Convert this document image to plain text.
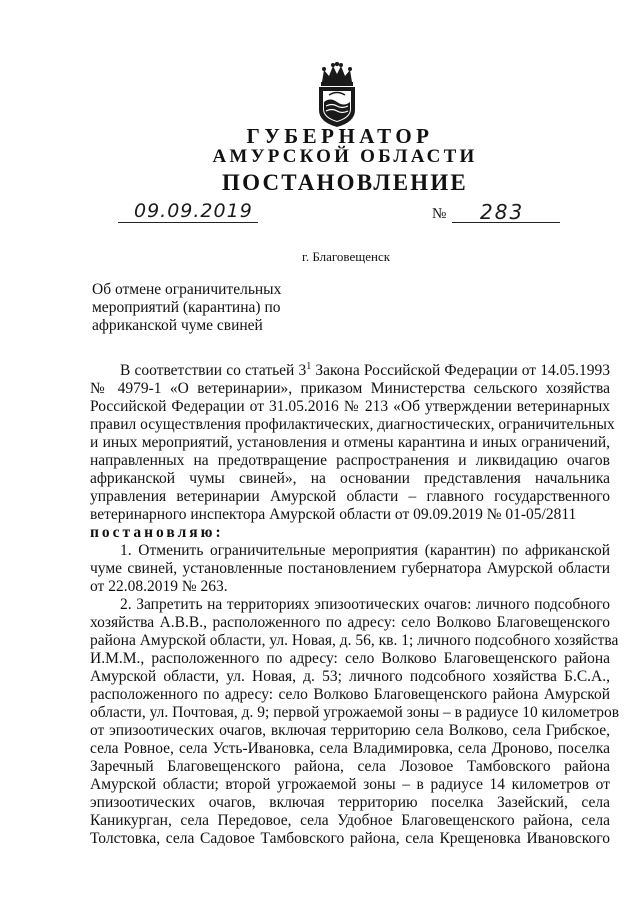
ГУБЕРНАТОР
АМУРСКОЙ ОБЛАСТИ
ПОСТАНОВЛЕНИЕ
09.09.2019	№ 283
г. Благовещенск
Об отмене ограничительных
мероприятий (карантина) по
африканской чуме свиней
В соответствии со статьей $3^1$ Закона Российской Федерации от 14.05.1993
№ 4979-1 «О ветеринарии», приказом Министерства сельского хозяйства
Российской Федерации от 31.05.2016 № 213 «Об утверждении ветеринарных
правил осуществления профилактических, диагностических, ограничительных
и иных мероприятий, установления и отмены карантина и иных ограничений,
направленных на предотвращение распространения и ликвидацию очагов
африканской чумы свиней», на основании представления начальника
управления ветеринарии Амурской области – главного государственного
ветеринарного инспектора Амурской области от 09.09.2019 № 01-05/2811
постановляю:
1. Отменить ограничительные мероприятия (карантин) по африканской
чуме свиней, установленные постановлением губернатора Амурской области
от 22.08.2019 № 263.
2. Запретить на территориях эпизоотических очагов: личного подсобного
хозяйства А.В.В., расположенного по адресу: село Волково Благовещенского
района Амурской области, ул. Новая, д. 56, кв. 1; личного подсобного хозяйства
И.М.М., расположенного по адресу: село Волково Благовещенского района
Амурской области, ул. Новая, д. 53; личного подсобного хозяйства Б.С.А.,
расположенного по адресу: село Волково Благовещенского района Амурской
области, ул. Почтовая, д. 9; первой угрожаемой зоны – в радиусе 10 километров
от эпизоотических очагов, включая территорию села Волково, села Грибское,
села Ровное, села Усть-Ивановка, села Владимировка, села Дроново, поселка
Заречный Благовещенского района, села Лозовое Тамбовского района
Амурской области; второй угрожаемой зоны – в радиусе 14 километров от
эпизоотических очагов, включая территорию поселка Зазейский, села
Каникурган, села Передовое, села Удобное Благовещенского района, села
Толстовка, села Садовое Тамбовского района, села Крещеновка Ивановского
